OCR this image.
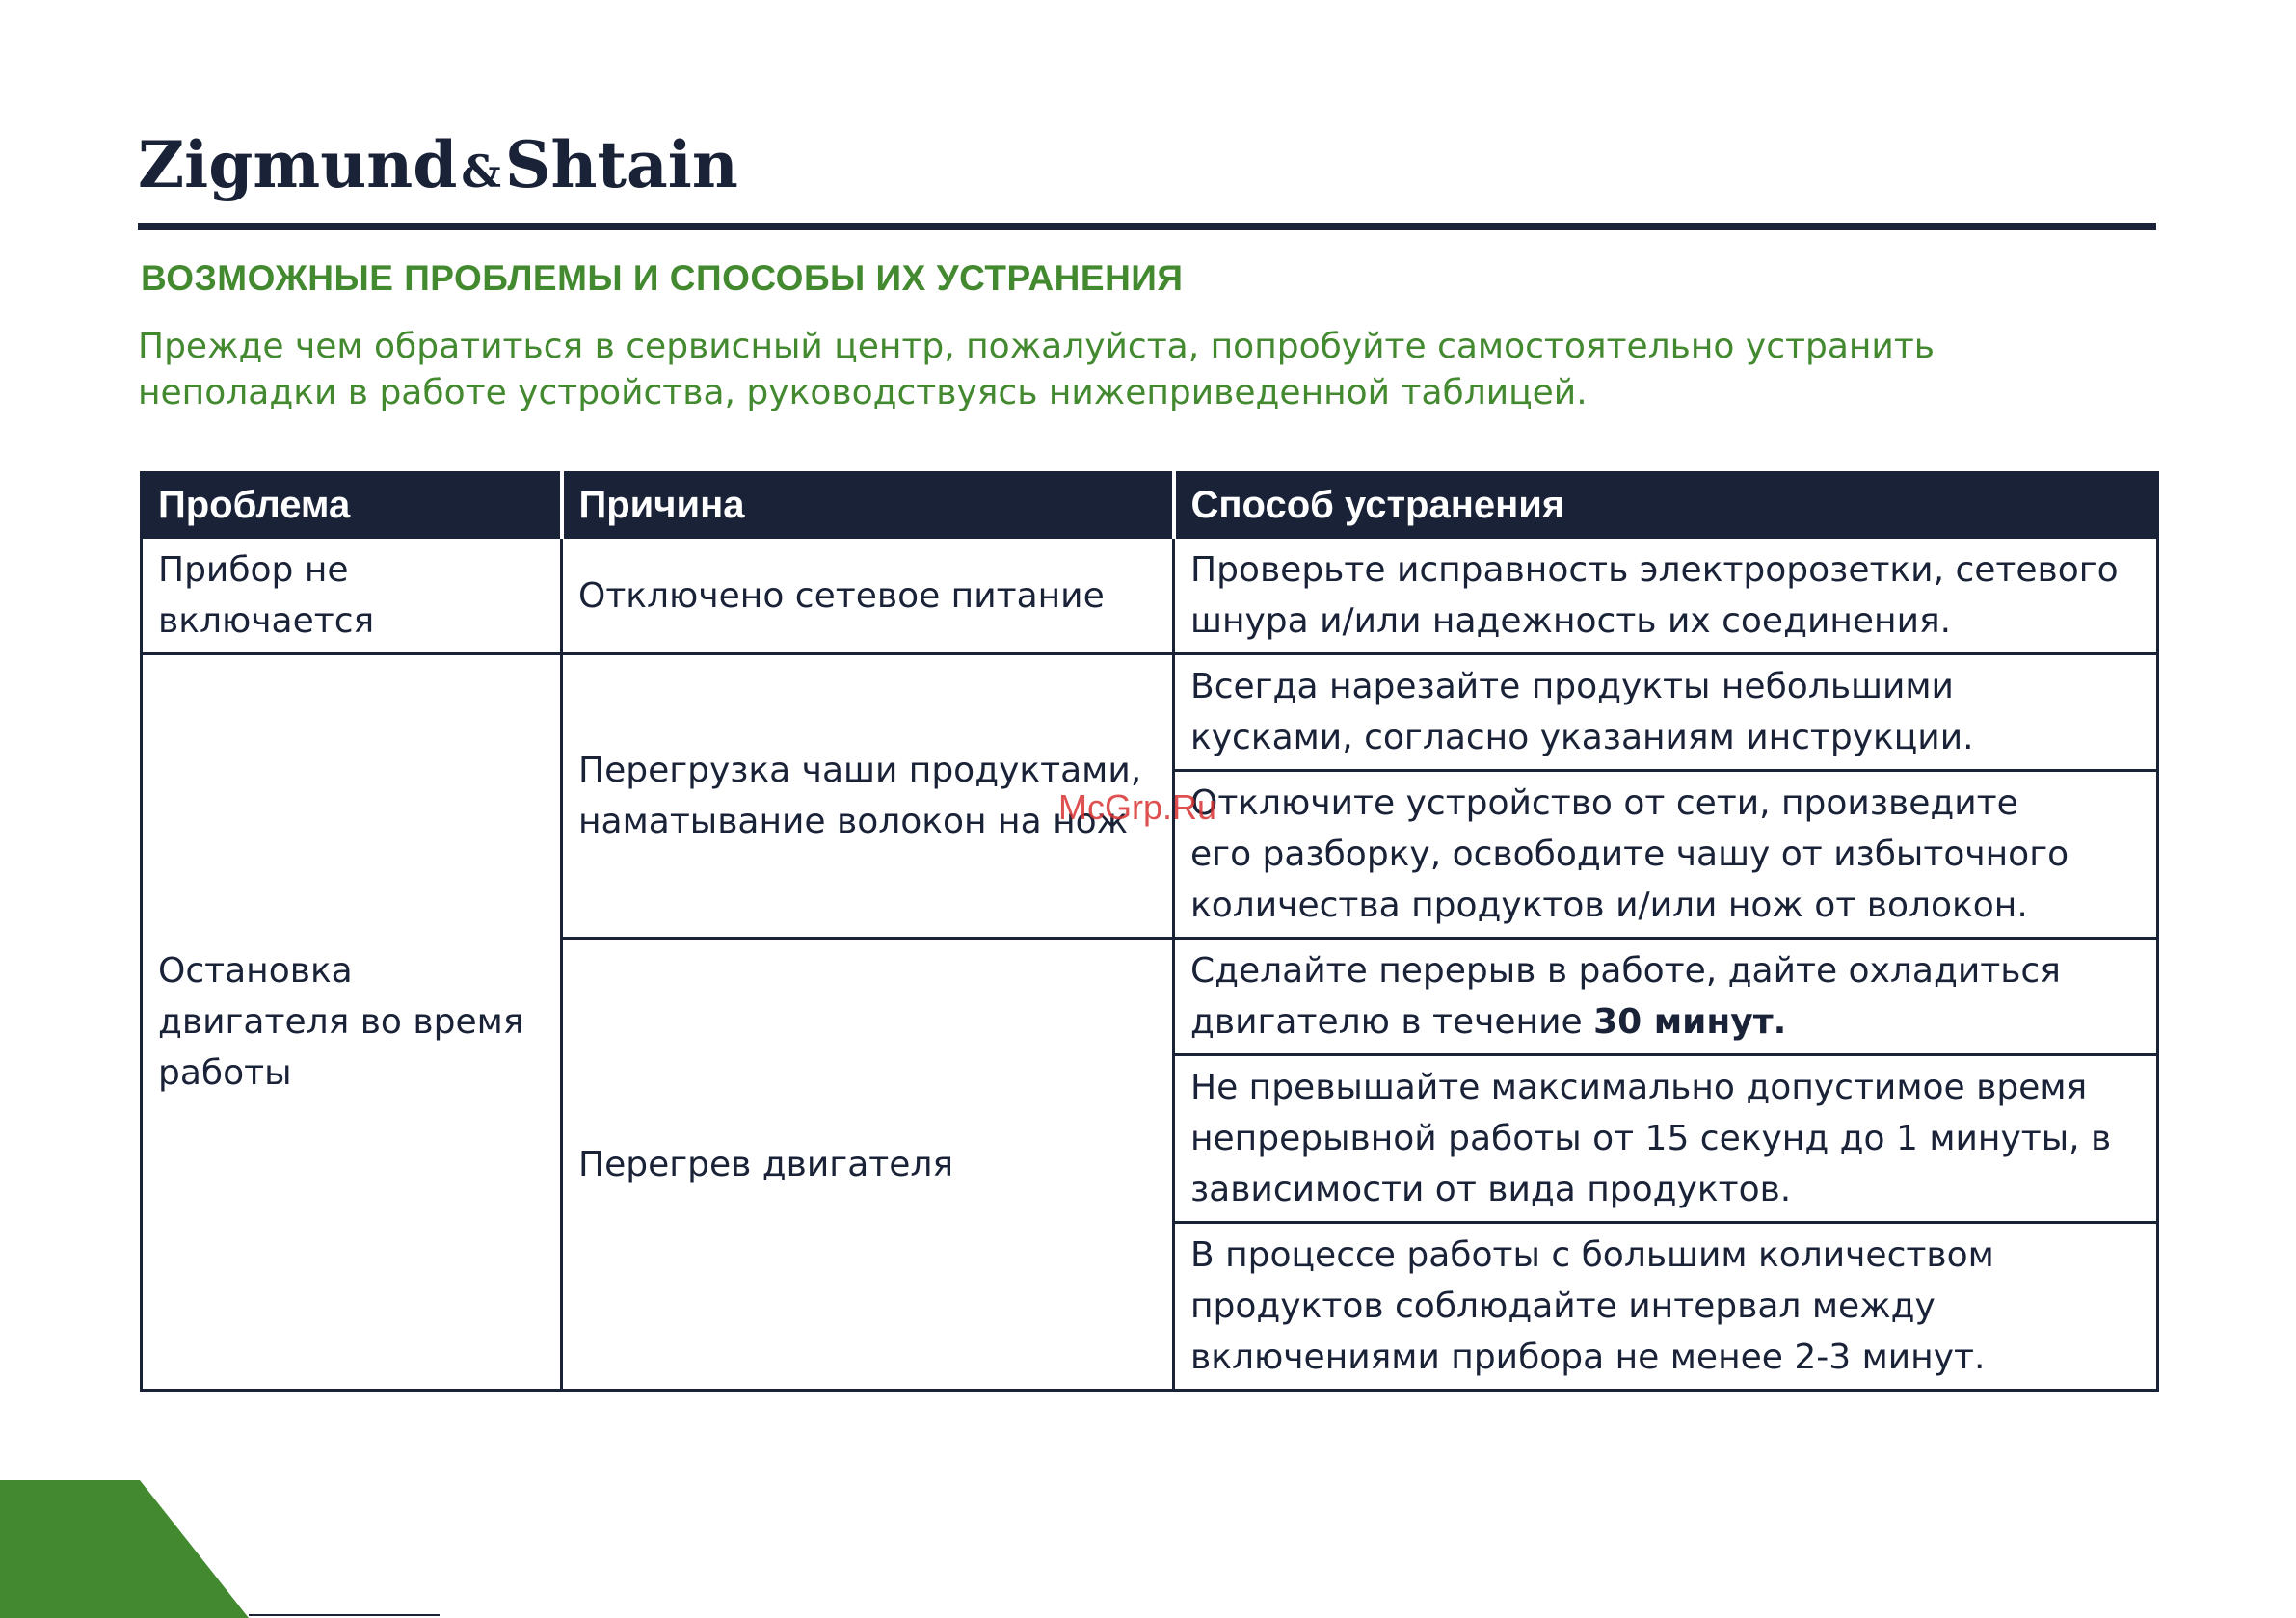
Zigmund&Shtain
ВОЗМОЖНЫЕ ПРОБЛЕМЫ И СПОСОБЫ ИХ УСТРАНЕНИЯ
Прежде чем обратиться в сервисный центр, пожалуйста, попробуйте самостоятельно устранить
неполадки в работе устройства, руководствуясь нижеприведенной таблицей.
Проблема	Причина	Способ устранения

Прибор не
включается	Отключено сетевое питание	Проверьте исправность электророзетки, сетевого
шнура и/или надежность их соединения.

Остановка
двигателя во время
работы	Перегрузка чаши продуктами,
наматывание волокон на нож	Всегда нарезайте продукты небольшими
кусками, согласно указаниям инструкции.

		Отключите устройство от сети, произведите
его разборку, освободите чашу от избыточного
количества продуктов и/или нож от волокон.

	Перегрев двигателя	Сделайте перерыв в работе, дайте охладиться
двигателю в течение 30 минут.

		Не превышайте максимально допустимое время
непрерывной работы от 15 секунд до 1 минуты, в
зависимости от вида продуктов.

		В процессе работы с большим количеством
продуктов соблюдайте интервал между
включениями прибора не менее 2-3 минут.
McGrp.Ru
